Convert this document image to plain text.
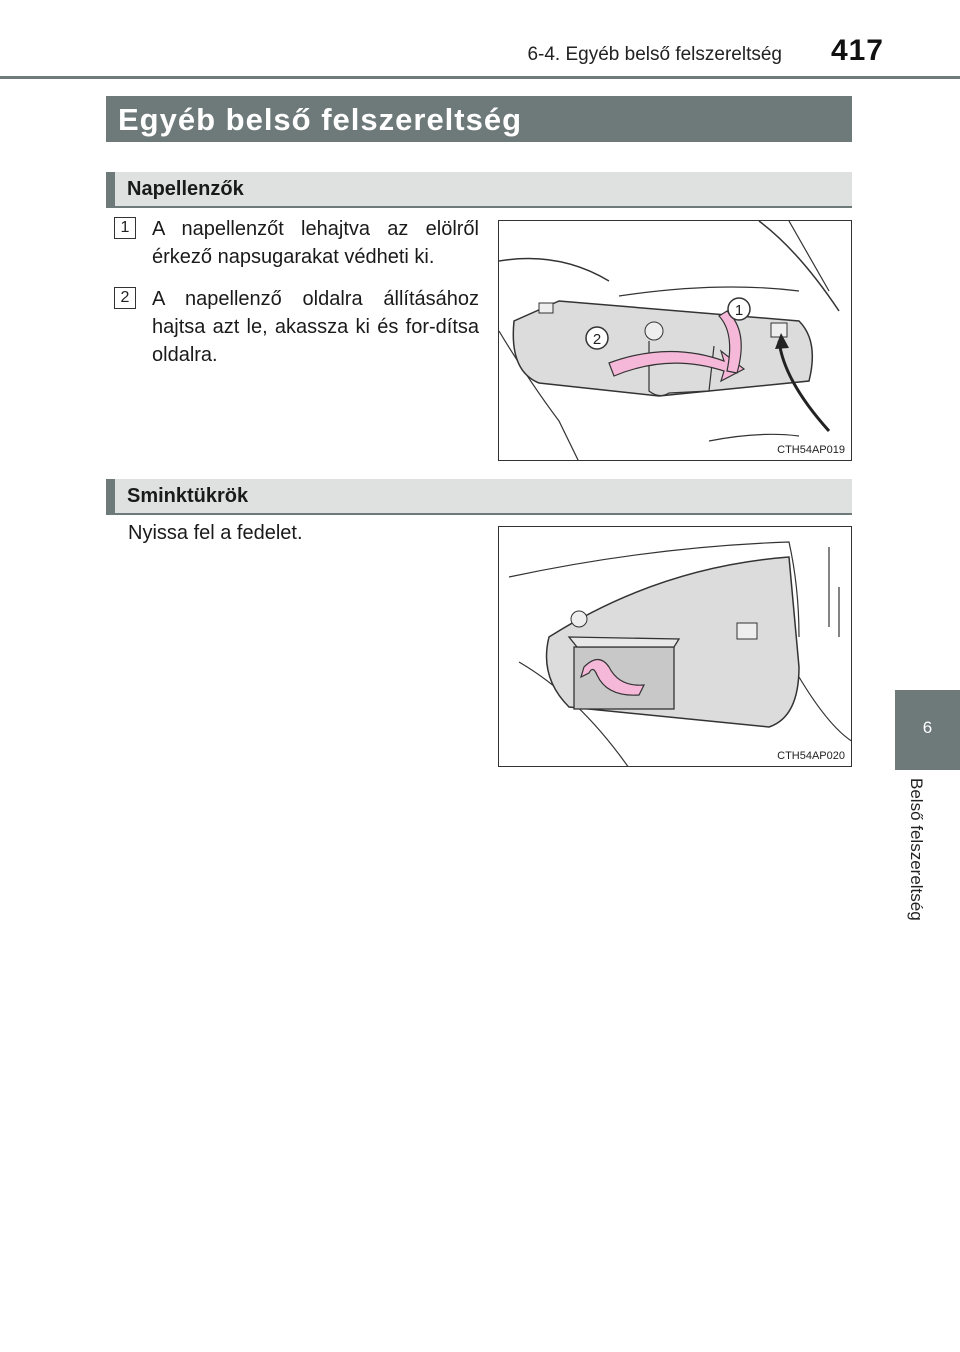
6-4. Egyéb belső felszereltség 417
Egyéb belső felszereltség
Napellenzők
1	A napellenzőt lehajtva az elölről érkező napsugarakat védheti ki.
2	A napellenző oldalra állításához hajtsa azt le, akassza ki és for-dítsa oldalra.
1
2
CTH54AP019
Sminktükrök
Nyissa fel a fedelet.
CTH54AP020
6
Belső felszereltség
